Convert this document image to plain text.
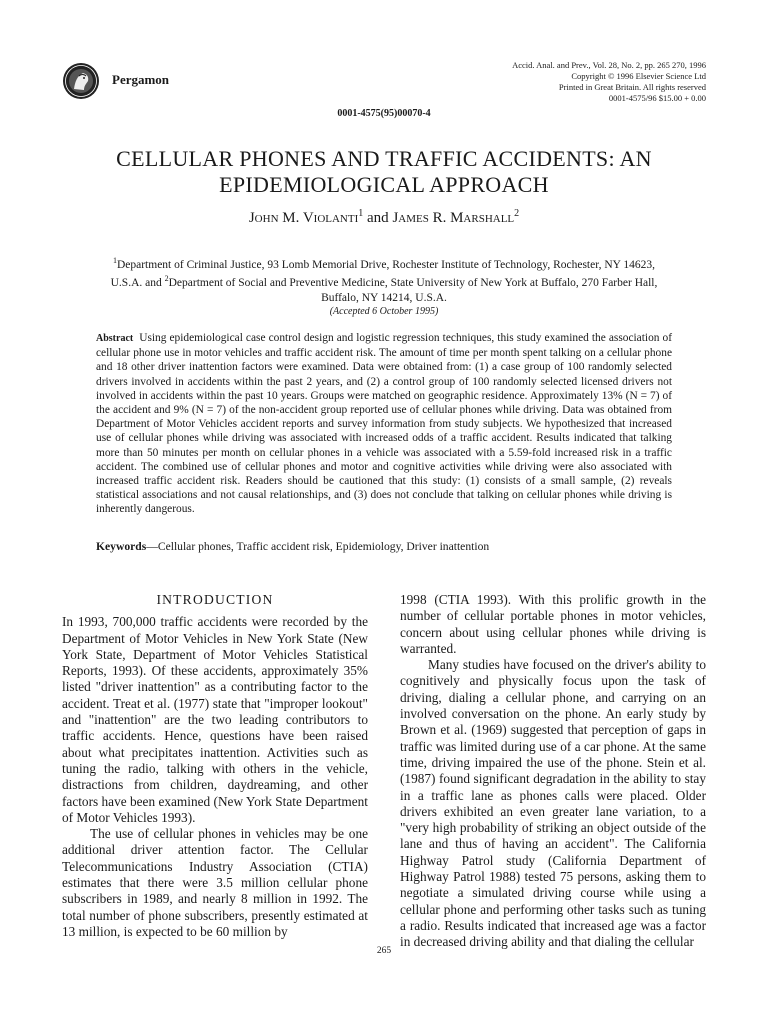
Pergamon
Accid. Anal. and Prev., Vol. 28, No. 2, pp. 265 270, 1996
Copyright © 1996 Elsevier Science Ltd
Printed in Great Britain. All rights reserved
0001-4575/96 $15.00 + 0.00
0001-4575(95)00070-4
CELLULAR PHONES AND TRAFFIC ACCIDENTS: AN
EPIDEMIOLOGICAL APPROACH
John M. Violanti$^1$ and James R. Marshall$^2$
$^1$Department of Criminal Justice, 93 Lomb Memorial Drive, Rochester Institute of Technology, Rochester, NY 14623, U.S.A. and $^2$Department of Social and Preventive Medicine, State University of New York at Buffalo, 270 Farber Hall, Buffalo, NY 14214, U.S.A.
(Accepted 6 October 1995)
Abstract Using epidemiological case control design and logistic regression techniques, this study examined the association of cellular phone use in motor vehicles and traffic accident risk. The amount of time per month spent talking on a cellular phone and 18 other driver inattention factors were examined. Data were obtained from: (1) a case group of 100 randomly selected drivers involved in accidents within the past 2 years, and (2) a control group of 100 randomly selected licensed drivers not involved in accidents within the past 10 years. Groups were matched on geographic residence. Approximately 13% (N = 7) of the accident and 9% (N = 7) of the non-accident group reported use of cellular phones while driving. Data was obtained from Department of Motor Vehicles accident reports and survey information from study subjects. We hypothesized that increased use of cellular phones while driving was associated with increased odds of a traffic accident. Results indicated that talking more than 50 minutes per month on cellular phones in a vehicle was associated with a 5.59-fold increased risk in a traffic accident. The combined use of cellular phones and motor and cognitive activities while driving were also associated with increased traffic accident risk. Readers should be cautioned that this study: (1) consists of a small sample, (2) reveals statistical associations and not causal relationships, and (3) does not conclude that talking on cellular phones while driving is inherently dangerous.
Keywords—Cellular phones, Traffic accident risk, Epidemiology, Driver inattention
INTRODUCTION

In 1993, 700,000 traffic accidents were recorded by the Department of Motor Vehicles in New York State (New York State, Department of Motor Vehicles Statistical Reports, 1993). Of these accidents, approximately 35% listed "driver inattention" as a contributing factor to the accident. Treat et al. (1977) state that "improper lookout" and "inattention" are the two leading contributors to traffic accidents. Hence, questions have been raised about what precipitates inattention. Activities such as tuning the radio, talking with others in the vehicle, distractions from children, daydreaming, and other factors have been examined (New York State Department of Motor Vehicles 1993).

The use of cellular phones in vehicles may be one additional driver attention factor. The Cellular Telecommunications Industry Association (CTIA) estimates that there were 3.5 million cellular phone subscribers in 1989, and nearly 8 million in 1992. The total number of phone subscribers, presently estimated at 13 million, is expected to be 60 million by

1998 (CTIA 1993). With this prolific growth in the number of cellular portable phones in motor vehicles, concern about using cellular phones while driving is warranted.

Many studies have focused on the driver's ability to cognitively and physically focus upon the task of driving, dialing a cellular phone, and carrying on an involved conversation on the phone. An early study by Brown et al. (1969) suggested that perception of gaps in traffic was limited during use of a car phone. At the same time, driving impaired the use of the phone. Stein et al. (1987) found significant degradation in the ability to stay in a traffic lane as phones calls were placed. Older drivers exhibited an even greater lane variation, to a "very high probability of striking an object outside of the lane and thus of having an accident". The California Highway Patrol study (California Department of Highway Patrol 1988) tested 75 persons, asking them to negotiate a simulated driving course while using a cellular phone and performing other tasks such as tuning a radio. Results indicated that increased age was a factor in decreased driving ability and that dialing the cellular

265
